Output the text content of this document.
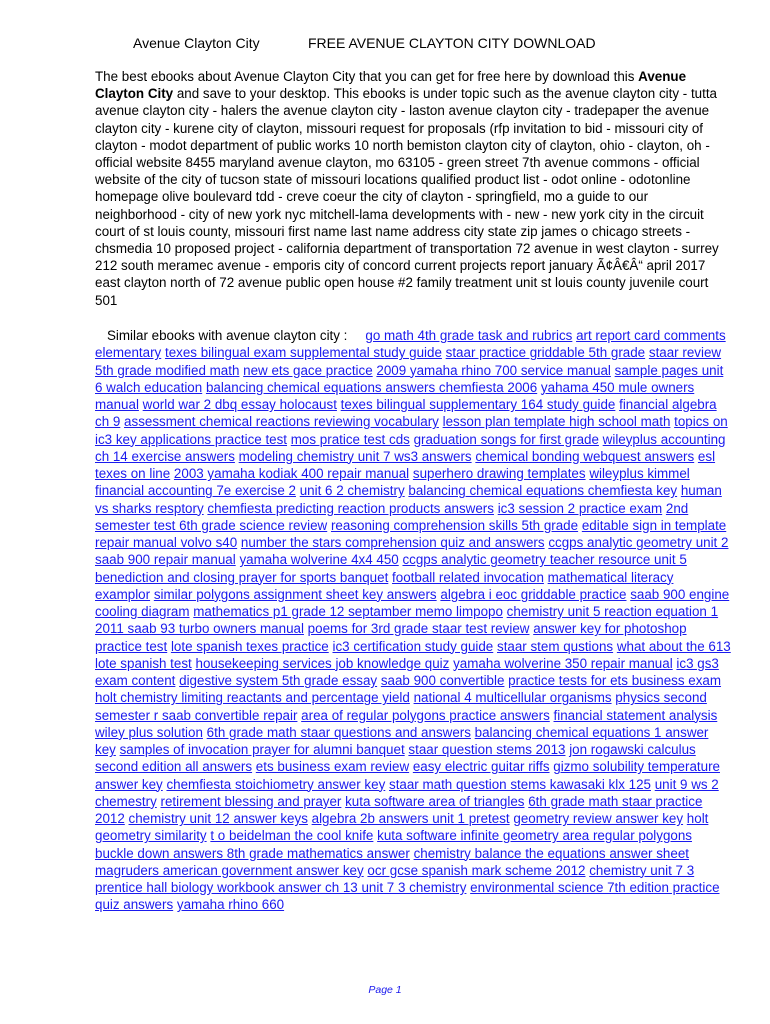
Avenue Clayton City	FREE AVENUE CLAYTON CITY DOWNLOAD

The best ebooks about Avenue Clayton City that you can get for free here by download this Avenue Clayton City and save to your desktop. This ebooks is under topic such as the avenue clayton city - tutta avenue clayton city - halers the avenue clayton city - laston avenue clayton city - tradepaper the avenue clayton city - kurene city of clayton, missouri request for proposals (rfp invitation to bid - missouri city of clayton - modot department of public works 10 north bemiston clayton city of clayton, ohio - clayton, oh - official website 8455 maryland avenue clayton, mo 63105 - green street 7th avenue commons - official website of the city of tucson state of missouri locations qualified product list - odot online - odotonline homepage olive boulevard tdd - creve coeur the city of clayton - springfield, mo a guide to our neighborhood - city of new york nyc mitchell-lama developments with - new - new york city in the circuit court of st louis county, missouri first name last name address city state zip james o chicago streets - chsmedia 10 proposed project - california department of transportation 72 avenue in west clayton - surrey 212 south meramec avenue - emporis city of concord current projects report january Ã¢Â€Â“ april 2017 east clayton north of 72 avenue public open house #2 family treatment unit st louis county juvenile court 501

Similar ebooks with avenue clayton city : go math 4th grade task and rubrics art report card comments elementary texes bilingual exam supplemental study guide staar practice griddable 5th grade staar review 5th grade modified math new ets gace practice 2009 yamaha rhino 700 service manual sample pages unit 6 walch education balancing chemical equations answers chemfiesta 2006 yahama 450 mule owners manual world war 2 dbq essay holocaust texes bilingual supplementary 164 study guide financial algebra ch 9 assessment chemical reactions reviewing vocabulary lesson plan template high school math topics on ic3 key applications practice test mos pratice test cds graduation songs for first grade wileyplus accounting ch 14 exercise answers modeling chemistry unit 7 ws3 answers chemical bonding webquest answers esl texes on line 2003 yamaha kodiak 400 repair manual superhero drawing templates wileyplus kimmel financial accounting 7e exercise 2 unit 6 2 chemistry balancing chemical equations chemfiesta key human vs sharks resptory chemfiesta predicting reaction products answers ic3 session 2 practice exam 2nd semester test 6th grade science review reasoning comprehension skills 5th grade editable sign in template repair manual volvo s40 number the stars comprehension quiz and answers ccgps analytic geometry unit 2 saab 900 repair manual yamaha wolverine 4x4 450 ccgps analytic geometry teacher resource unit 5 benediction and closing prayer for sports banquet football related invocation mathematical literacy examplor similar polygons assignment sheet key answers algebra i eoc griddable practice saab 900 engine cooling diagram mathematics p1 grade 12 septamber memo limpopo chemistry unit 5 reaction equation 1 2011 saab 93 turbo owners manual poems for 3rd grade staar test review answer key for photoshop practice test lote spanish texes practice ic3 certification study guide staar stem qustions what about the 613 lote spanish test housekeeping services job knowledge quiz yamaha wolverine 350 repair manual ic3 gs3 exam content digestive system 5th grade essay saab 900 convertible practice tests for ets business exam holt chemistry limiting reactants and percentage yield national 4 multicellular organisms physics second semester r saab convertible repair area of regular polygons practice answers financial statement analysis wiley plus solution 6th grade math staar questions and answers balancing chemical equations 1 answer key samples of invocation prayer for alumni banquet staar question stems 2013 jon rogawski calculus second edition all answers ets business exam review easy electric guitar riffs gizmo solubility temperature answer key chemfiesta stoichiometry answer key staar math question stems kawasaki klx 125 unit 9 ws 2 chemestry retirement blessing and prayer kuta software area of triangles 6th grade math staar practice 2012 chemistry unit 12 answer keys algebra 2b answers unit 1 pretest geometry review answer key holt geometry similarity t o beidelman the cool knife kuta software infinite geometry area regular polygons buckle down answers 8th grade mathematics answer chemistry balance the equations answer sheet magruders american government answer key ocr gcse spanish mark scheme 2012 chemistry unit 7 3 prentice hall biology workbook answer ch 13 unit 7 3 chemistry environmental science 7th edition practice quiz answers yamaha rhino 660

Page 1
